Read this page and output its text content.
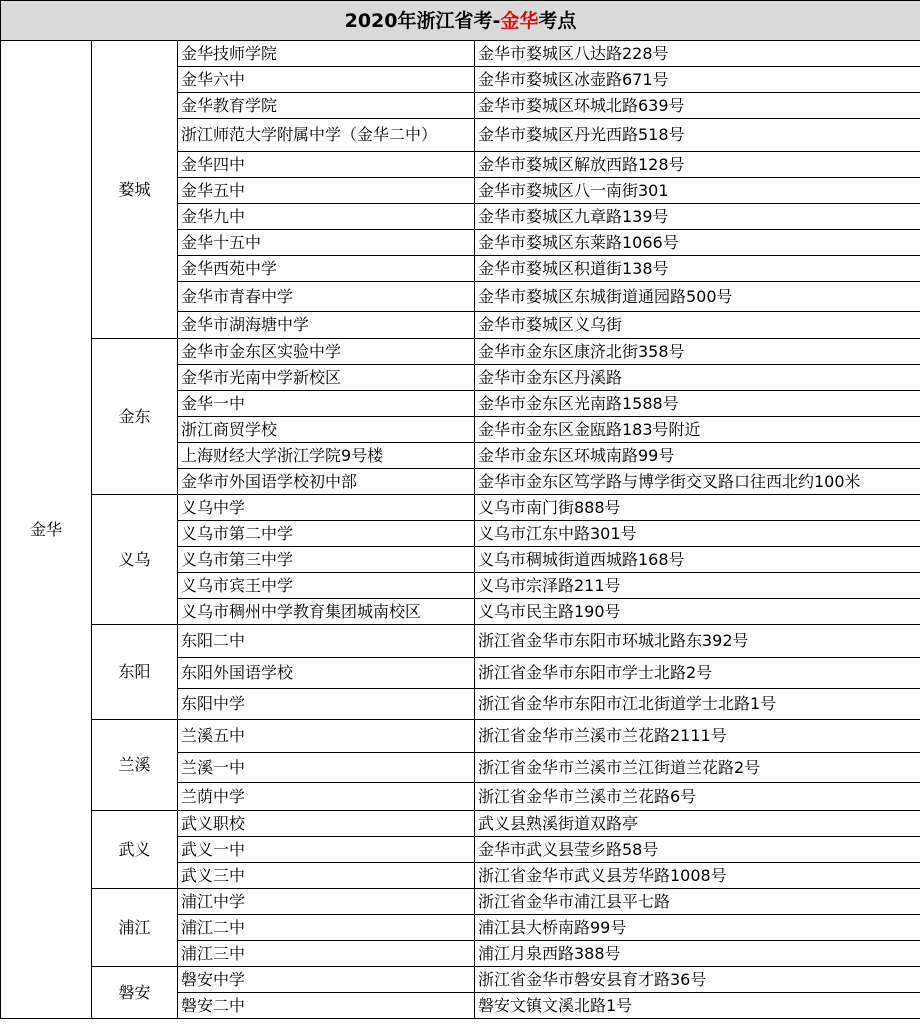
2020年浙江省考-金华考点			
金华	婺城	金华技师学院	金华市婺城区八达路228号
		金华六中	金华市婺城区冰壶路671号
		金华教育学院	金华市婺城区环城北路639号
		浙江师范大学附属中学（金华二中）	金华市婺城区丹光西路518号
		金华四中	金华市婺城区解放西路128号
		金华五中	金华市婺城区八一南街301
		金华九中	金华市婺城区九章路139号
		金华十五中	金华市婺城区东莱路1066号
		金华西苑中学	金华市婺城区积道街138号
		金华市青春中学	金华市婺城区东城街道通园路500号
		金华市湖海塘中学	金华市婺城区义乌街
	金东	金华市金东区实验中学	金华市金东区康济北街358号
		金华市光南中学新校区	金华市金东区丹溪路
		金华一中	金华市金东区光南路1588号
		浙江商贸学校	金华市金东区金瓯路183号附近
		上海财经大学浙江学院9号楼	金华市金东区环城南路99号
		金华市外国语学校初中部	金华市金东区笃学路与博学街交叉路口往西北约100米
	义乌	义乌中学	义乌市南门街888号
		义乌市第二中学	义乌市江东中路301号
		义乌市第三中学	义乌市稠城街道西城路168号
		义乌市宾王中学	义乌市宗泽路211号
		义乌市稠州中学教育集团城南校区	义乌市民主路190号
	东阳	东阳二中	浙江省金华市东阳市环城北路东392号
		东阳外国语学校	浙江省金华市东阳市学士北路2号
		东阳中学	浙江省金华市东阳市江北街道学士北路1号
	兰溪	兰溪五中	浙江省金华市兰溪市兰花路2111号
		兰溪一中	浙江省金华市兰溪市兰江街道兰花路2号
		兰荫中学	浙江省金华市兰溪市兰花路6号
	武义	武义职校	武义县熟溪街道双路亭
		武义一中	金华市武义县莹乡路58号
		武义三中	浙江省金华市武义县芳华路1008号
	浦江	浦江中学	浙江省金华市浦江县平七路
		浦江二中	浦江县大桥南路99号
		浦江三中	浦江月泉西路388号
	磐安	磐安中学	浙江省金华市磐安县育才路36号
		磐安二中	磐安文镇文溪北路1号
